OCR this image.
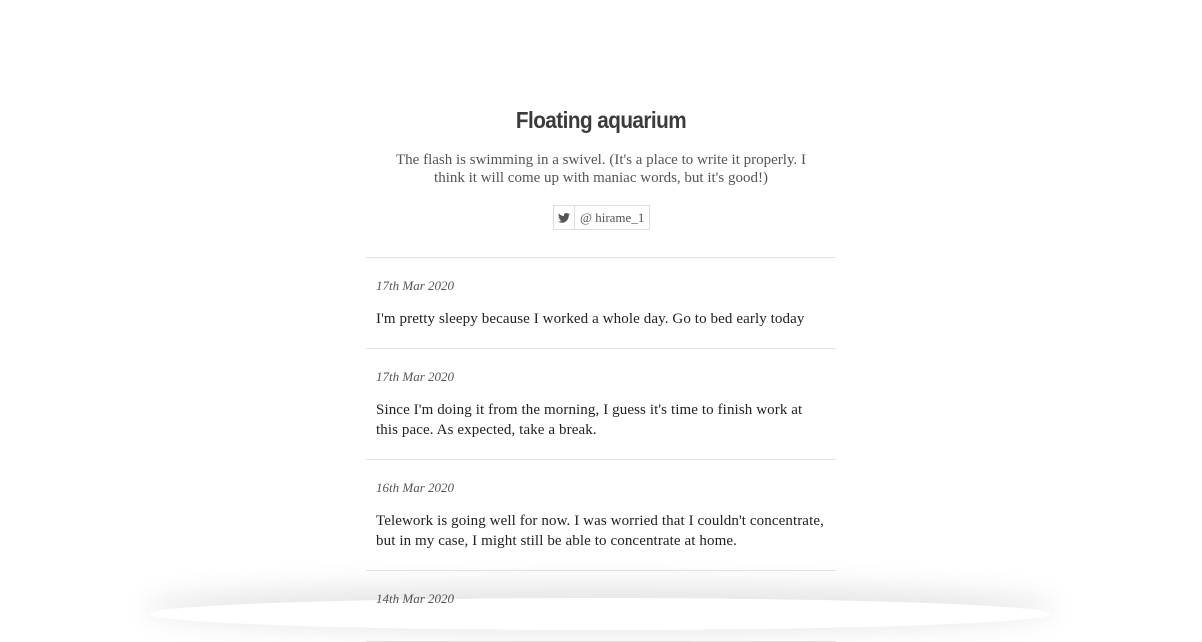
Floating aquarium

The flash is swimming in a swivel. (It's a place to write it properly. I think it will come up with maniac words, but it's good!)

@ hirame_1
17th Mar 2020

I'm pretty sleepy because I worked a whole day. Go to bed early today

17th Mar 2020

Since I'm doing it from the morning, I guess it's time to finish work at this pace. As expected, take a break.

16th Mar 2020

Telework is going well for now. I was worried that I couldn't concentrate, but in my case, I might still be able to concentrate at home.

14th Mar 2020
